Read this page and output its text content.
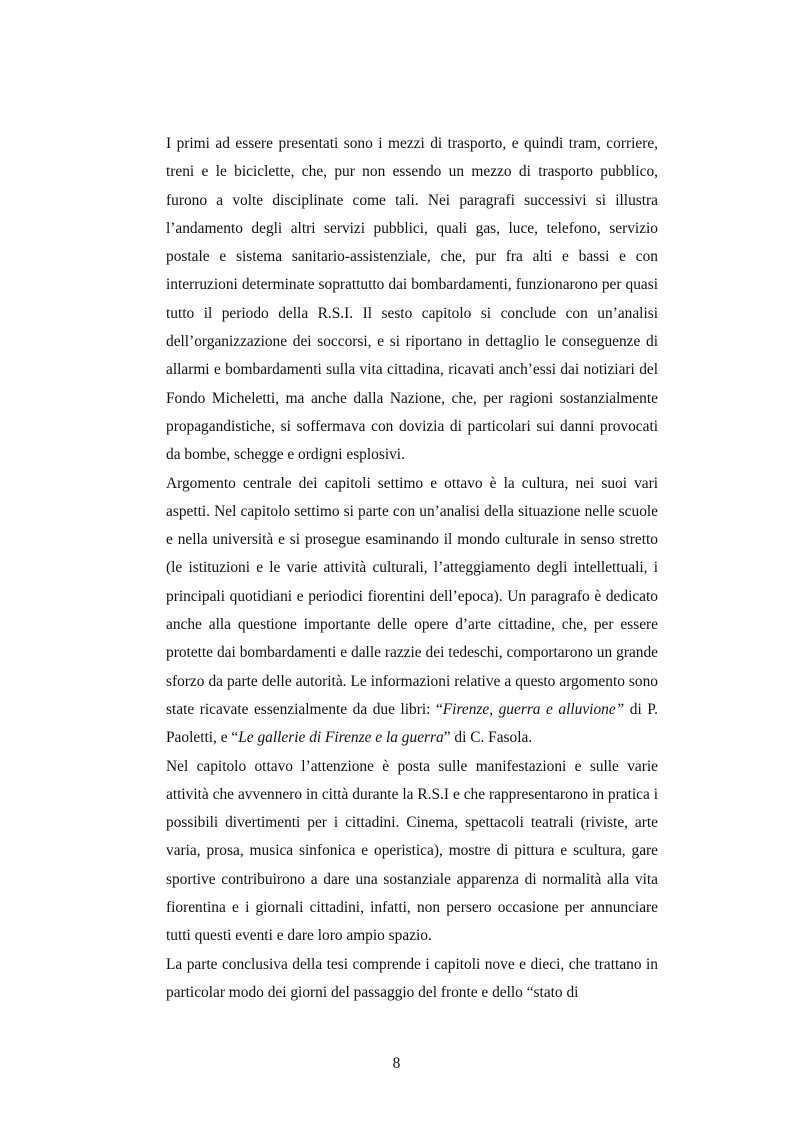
I primi ad essere presentati sono i mezzi di trasporto, e quindi tram, corriere, treni e le biciclette, che, pur non essendo un mezzo di trasporto pubblico, furono a volte disciplinate come tali. Nei paragrafi successivi si illustra l’andamento degli altri servizi pubblici, quali gas, luce, telefono, servizio postale e sistema sanitario-assistenziale, che, pur fra alti e bassi e con interruzioni determinate soprattutto dai bombardamenti, funzionarono per quasi tutto il periodo della R.S.I. Il sesto capitolo si conclude con un’analisi dell’organizzazione dei soccorsi, e si riportano in dettaglio le conseguenze di allarmi e bombardamenti sulla vita cittadina, ricavati anch’essi dai notiziari del Fondo Micheletti, ma anche dalla Nazione, che, per ragioni sostanzialmente propagandistiche, si soffermava con dovizia di particolari sui danni provocati da bombe, schegge e ordigni esplosivi.

Argomento centrale dei capitoli settimo e ottavo è la cultura, nei suoi vari aspetti. Nel capitolo settimo si parte con un’analisi della situazione nelle scuole e nella università e si prosegue esaminando il mondo culturale in senso stretto (le istituzioni e le varie attività culturali, l’atteggiamento degli intellettuali, i principali quotidiani e periodici fiorentini dell’epoca). Un paragrafo è dedicato anche alla questione importante delle opere d’arte cittadine, che, per essere protette dai bombardamenti e dalle razzie dei tedeschi, comportarono un grande sforzo da parte delle autorità. Le informazioni relative a questo argomento sono state ricavate essenzialmente da due libri: “Firenze, guerra e alluvione” di P. Paoletti, e “Le gallerie di Firenze e la guerra” di C. Fasola.

Nel capitolo ottavo l’attenzione è posta sulle manifestazioni e sulle varie attività che avvennero in città durante la R.S.I e che rappresentarono in pratica i possibili divertimenti per i cittadini. Cinema, spettacoli teatrali (riviste, arte varia, prosa, musica sinfonica e operistica), mostre di pittura e scultura, gare sportive contribuirono a dare una sostanziale apparenza di normalità alla vita fiorentina e i giornali cittadini, infatti, non persero occasione per annunciare tutti questi eventi e dare loro ampio spazio.

La parte conclusiva della tesi comprende i capitoli nove e dieci, che trattano in particolar modo dei giorni del passaggio del fronte e dello “stato di

8
